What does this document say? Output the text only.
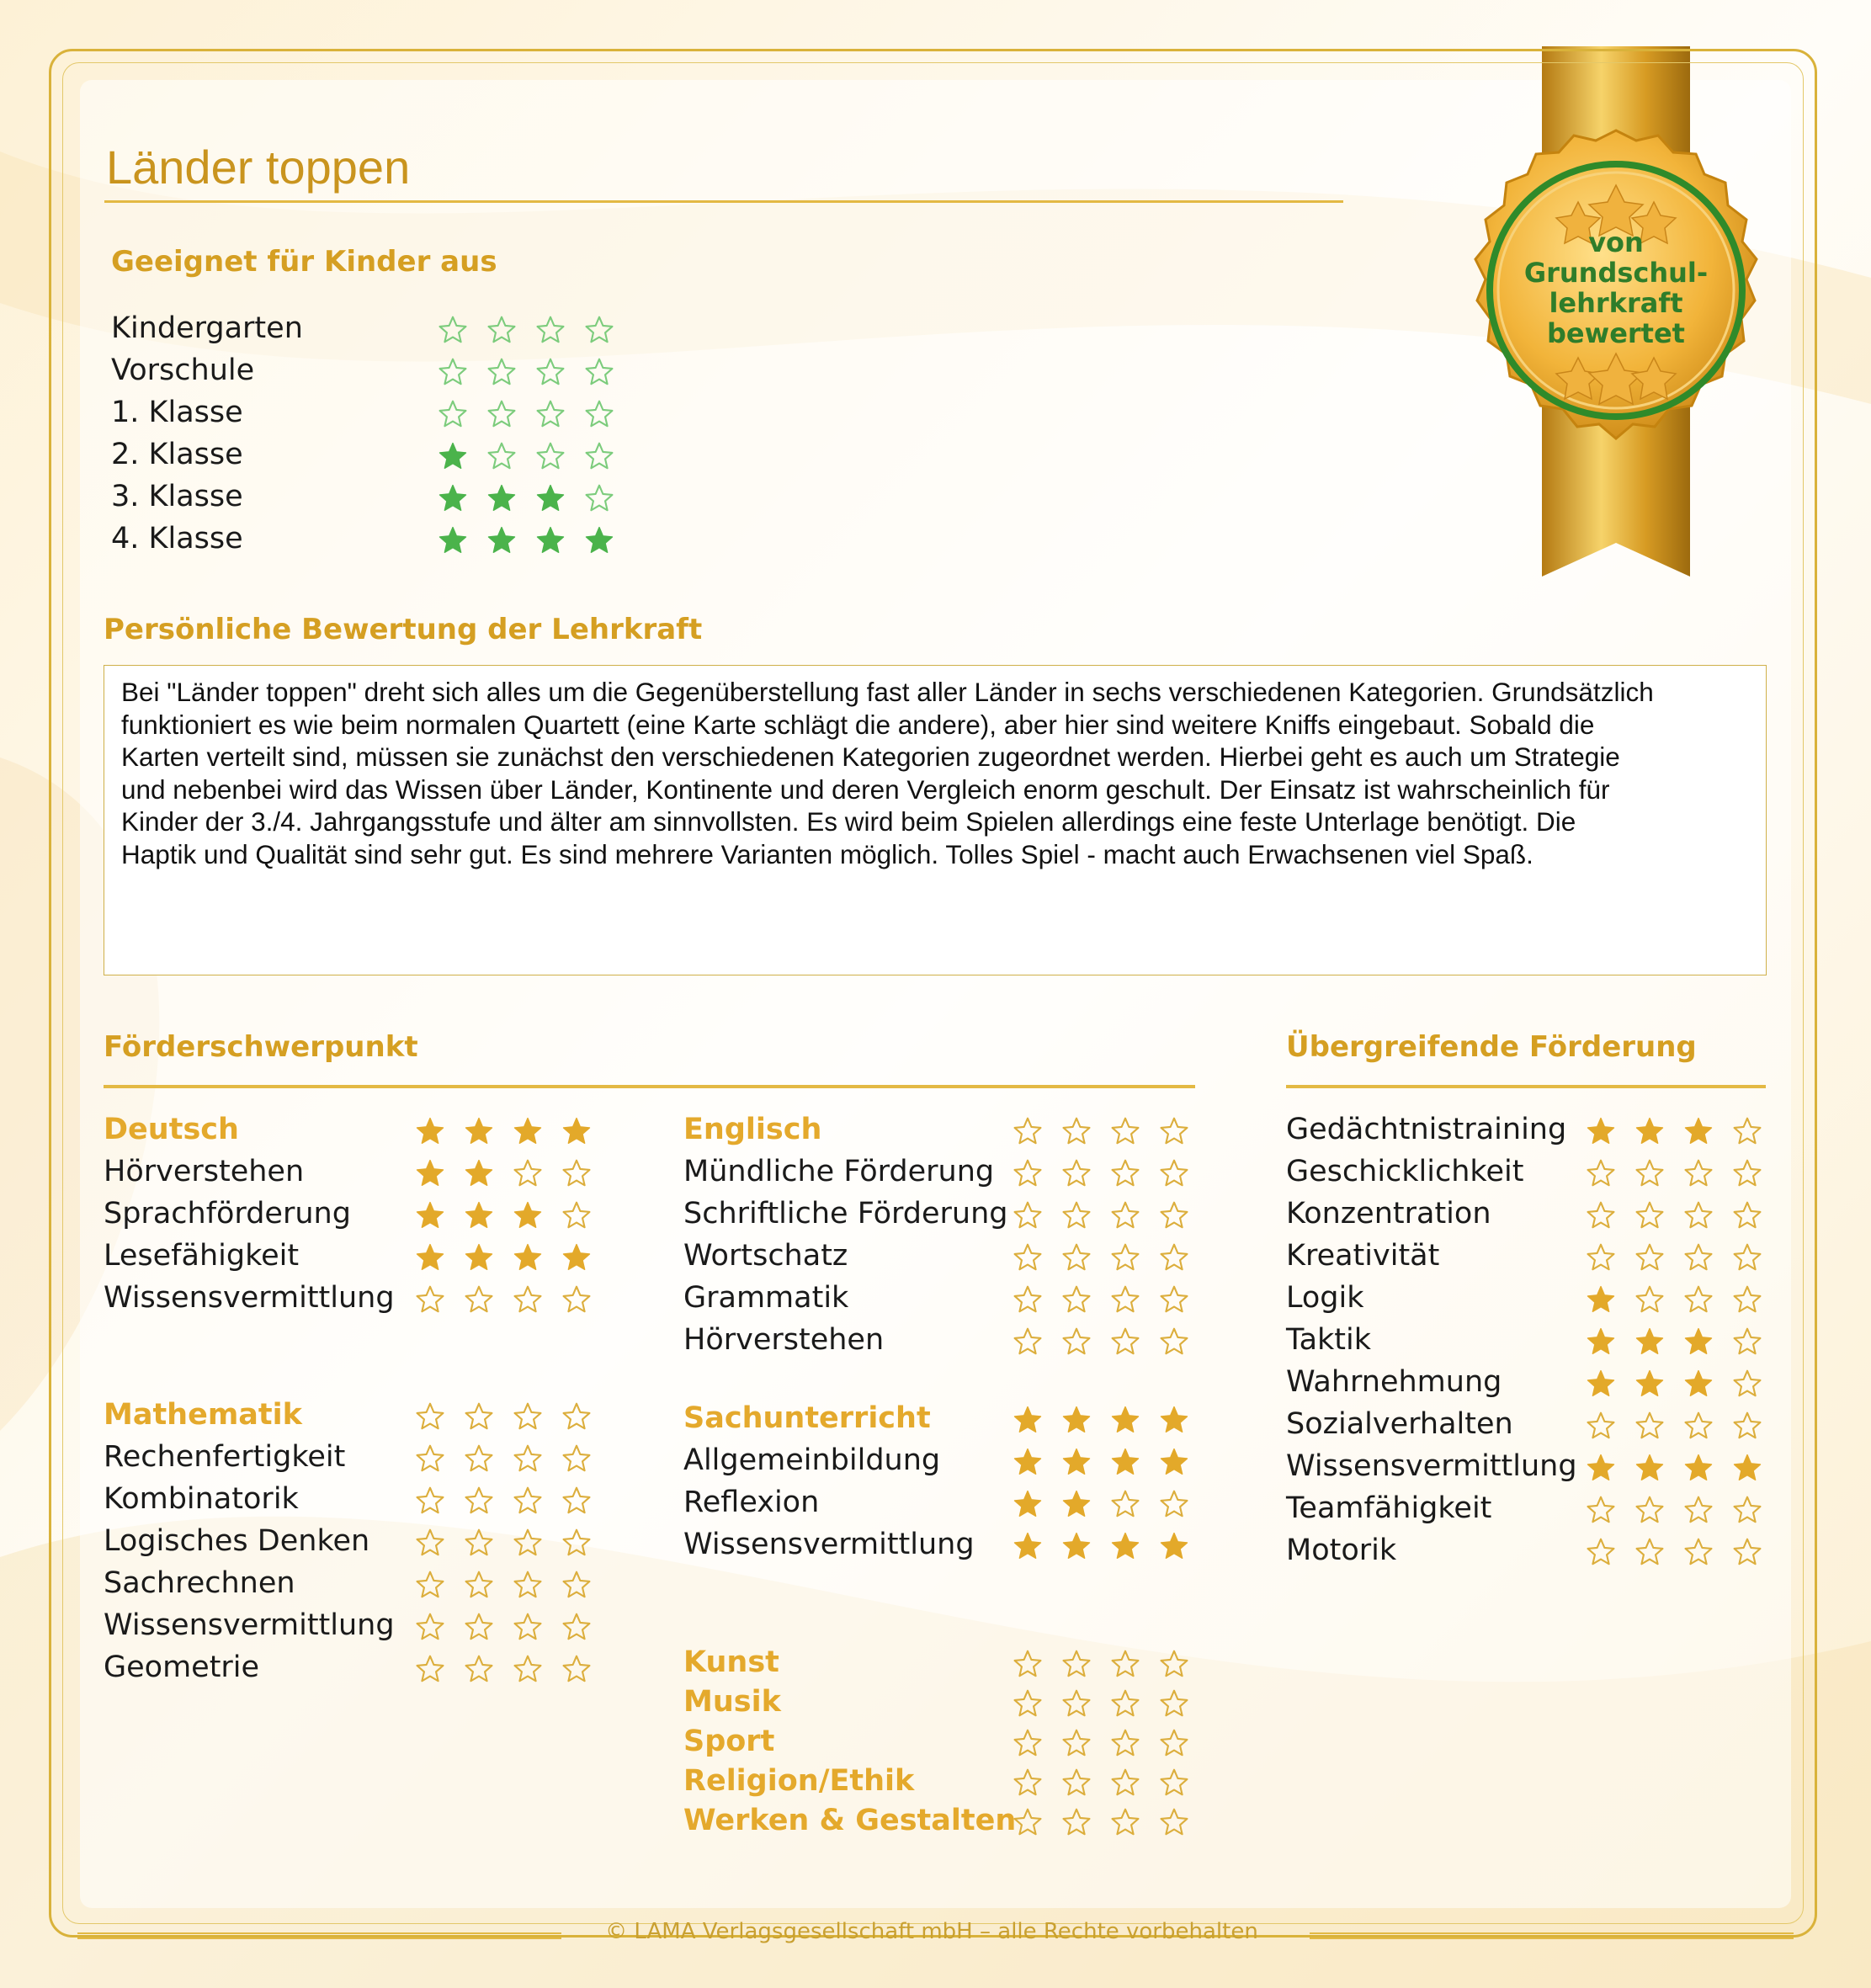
von
Grundschul-
lehrkraft
bewertet
Länder toppen
Geeignet für Kinder aus
Kindergarten
Vorschule
1. Klasse
2. Klasse
3. Klasse
4. Klasse
Persönliche Bewertung der Lehrkraft
Bei "Länder toppen" dreht sich alles um die Gegenüberstellung fast aller Länder in sechs verschiedenen Kategorien. Grundsätzlich
funktioniert es wie beim normalen Quartett (eine Karte schlägt die andere), aber hier sind weitere Kniffs eingebaut. Sobald die
Karten verteilt sind, müssen sie zunächst den verschiedenen Kategorien zugeordnet werden. Hierbei geht es auch um Strategie
und nebenbei wird das Wissen über Länder, Kontinente und deren Vergleich enorm geschult. Der Einsatz ist wahrscheinlich für
Kinder der 3./4. Jahrgangsstufe und älter am sinnvollsten. Es wird beim Spielen allerdings eine feste Unterlage benötigt. Die
Haptik und Qualität sind sehr gut. Es sind mehrere Varianten möglich. Tolles Spiel - macht auch Erwachsenen viel Spaß.
Förderschwerpunkt	Übergreifende Förderung
Deutsch
Hörverstehen
Sprachförderung
Lesefähigkeit
Wissensvermittlung
Mathematik
Rechenfertigkeit
Kombinatorik
Logisches Denken
Sachrechnen
Wissensvermittlung
Geometrie
Englisch
Mündliche Förderung
Schriftliche Förderung
Wortschatz
Grammatik
Hörverstehen
Sachunterricht
Allgemeinbildung
Reflexion
Wissensvermittlung
Kunst
Musik
Sport
Religion/Ethik
Werken & Gestalten
Gedächtnistraining
Geschicklichkeit
Konzentration
Kreativität
Logik
Taktik
Wahrnehmung
Sozialverhalten
Wissensvermittlung
Teamfähigkeit
Motorik
© LAMA Verlagsgesellschaft mbH – alle Rechte vorbehalten
